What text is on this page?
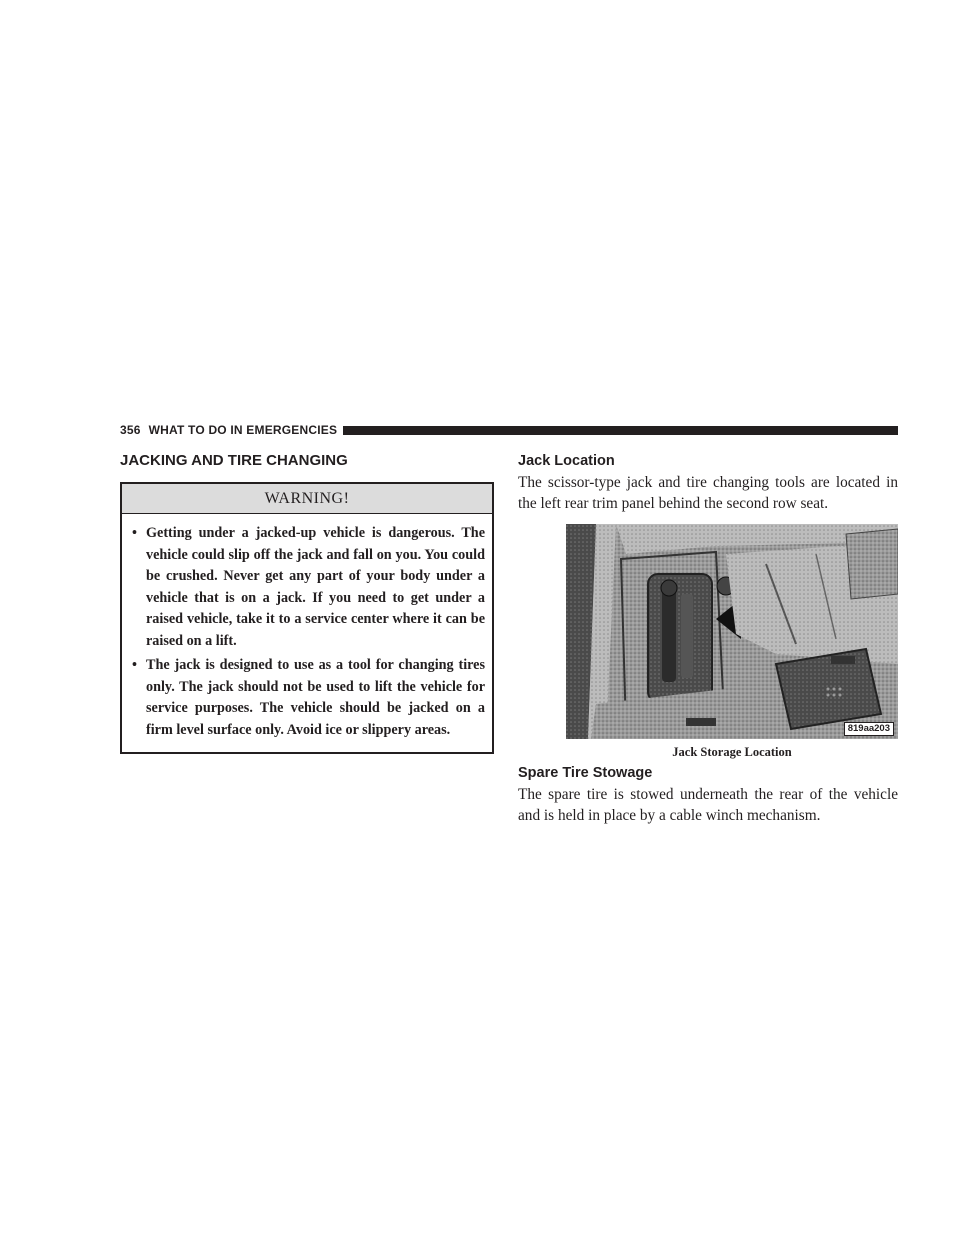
356 WHAT TO DO IN EMERGENCIES
JACKING AND TIRE CHANGING
WARNING!
• Getting under a jacked-up vehicle is dangerous. The vehicle could slip off the jack and fall on you. You could be crushed. Never get any part of your body under a vehicle that is on a jack. If you need to get under a raised vehicle, take it to a service center where it can be raised on a lift.
• The jack is designed to use as a tool for changing tires only. The jack should not be used to lift the vehicle for service purposes. The vehicle should be jacked on a firm level surface only. Avoid ice or slippery areas.
Jack Location

The scissor-type jack and tire changing tools are located in the left rear trim panel behind the second row seat.

819aa203
Jack Storage Location
Spare Tire Stowage

The spare tire is stowed underneath the rear of the vehicle and is held in place by a cable winch mechanism.
